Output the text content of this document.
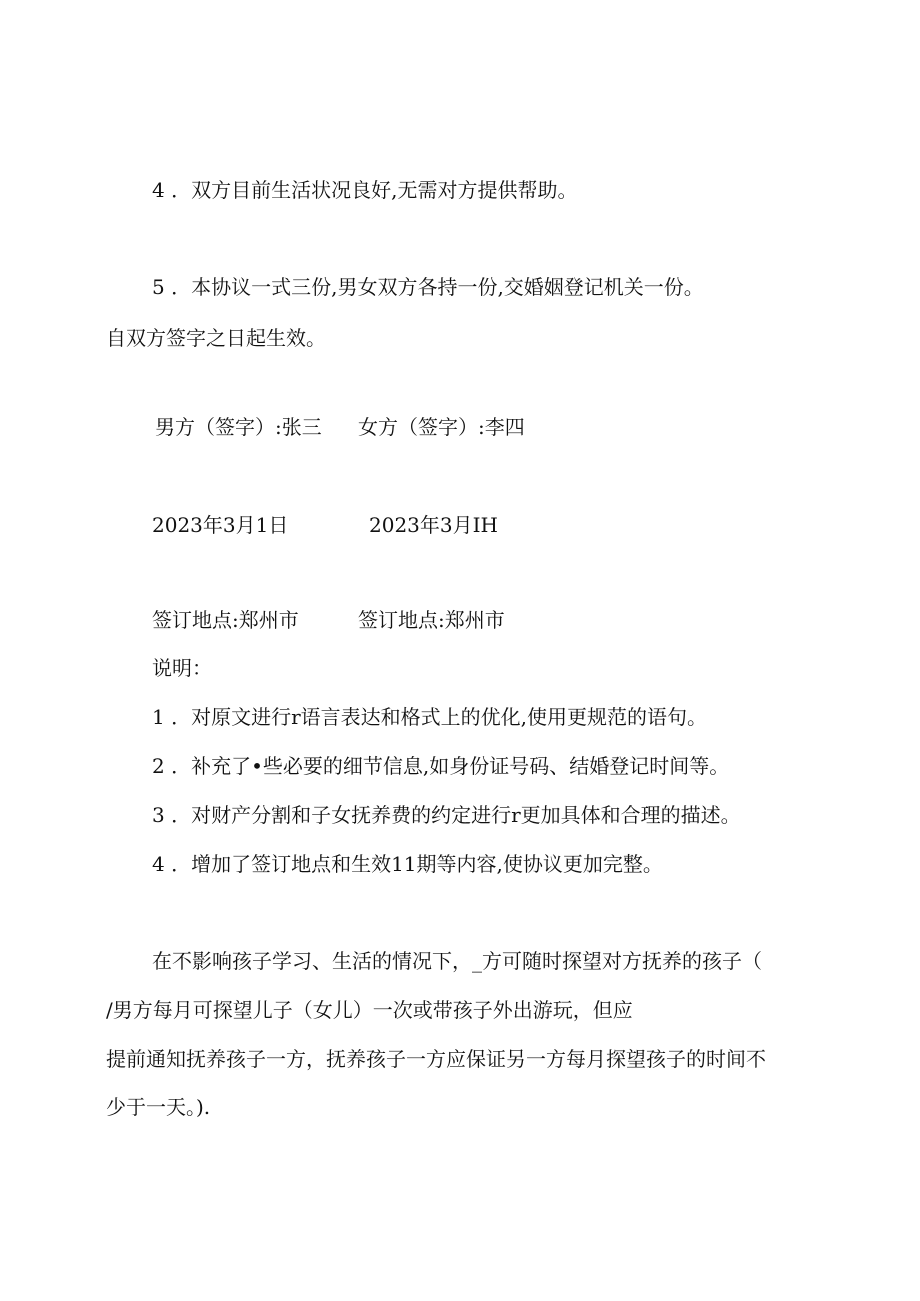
4 ．双方目前生活状况良好,无需对方提供帮助。
5 ．本协议一式三份,男女双方各持一份,交婚姻登记机关一份。
自双方签字之日起生效。
男方（签字）:张三 女方（签字）:李四
2023年3月1日	2023年3月IH
签订地点:郑州市	签订地点:郑州市
说明：
1 ．对原文进行r语言表达和格式上的优化,使用更规范的语句。
2 ．补充了•些必要的细节信息,如身份证号码、结婚登记时间等。
3 ．对财产分割和子女抚养费的约定进行r更加具体和合理的描述。
4 ．增加了签订地点和生效11期等内容,使协议更加完整。
在不影响孩子学习、生活的情况下，_方可随时探望对方抚养的孩子（
/男方每月可探望儿子（女儿）一次或带孩子外出游玩，但应
提前通知抚养孩子一方，抚养孩子一方应保证另一方每月探望孩子的时间不
少于一天。).
